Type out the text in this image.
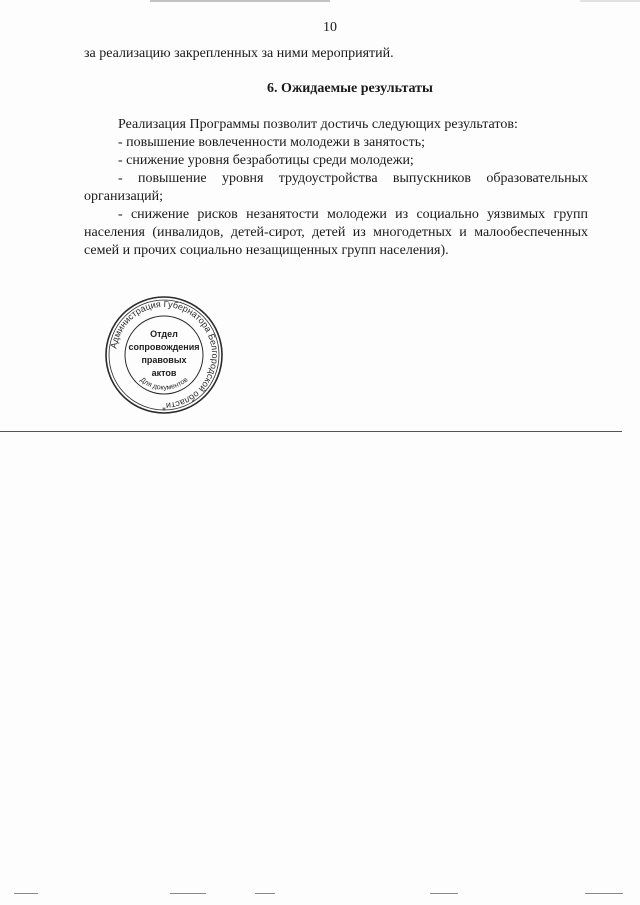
10
за реализацию закрепленных за ними мероприятий.
6. Ожидаемые результаты
Реализация Программы позволит достичь следующих результатов:
- повышение вовлеченности молодежи в занятость;
- снижение уровня безработицы среди молодежи;
- повышение уровня трудоустройства выпускников образовательных
организаций;
- снижение рисков незанятости молодежи из социально уязвимых групп
населения (инвалидов, детей-сирот, детей из многодетных и малообеспеченных
семей и прочих социально незащищенных групп населения).
Администрация Губернатора Белгородской области
Для документов
Отдел
сопровождения
правовых
актов
*
